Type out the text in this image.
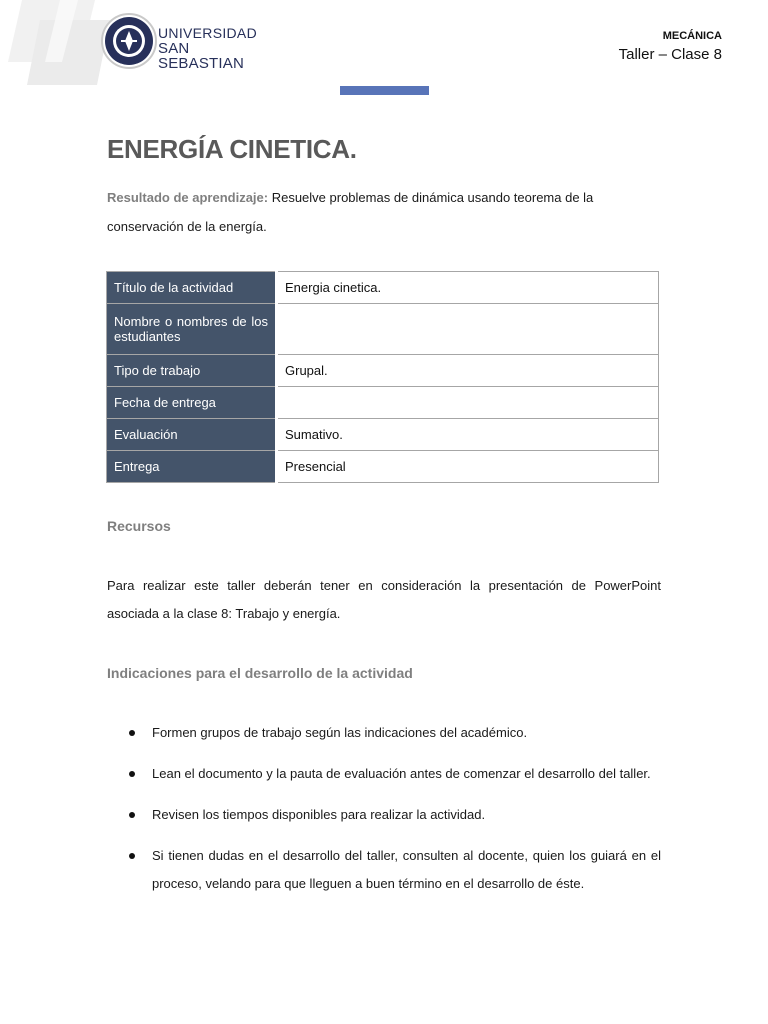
UNIVERSIDAD
SAN SEBASTIAN
MECÁNICA
Taller – Clase 8
ENERGÍA CINETICA.
Resultado de aprendizaje: Resuelve problemas de dinámica usando teorema de la conservación de la energía.
Título de la actividad	Energia cinetica.
Nombre o nombres de los estudiantes	
Tipo de trabajo	Grupal.
Fecha de entrega	
Evaluación	Sumativo.
Entrega	Presencial
Recursos
Para realizar este taller deberán tener en consideración la presentación de PowerPoint asociada a la clase 8: Trabajo y energía.
Indicaciones para el desarrollo de la actividad
Formen grupos de trabajo según las indicaciones del académico.
Lean el documento y la pauta de evaluación antes de comenzar el desarrollo del taller.
Revisen los tiempos disponibles para realizar la actividad.
Si tienen dudas en el desarrollo del taller, consulten al docente, quien los guiará en el proceso, velando para que lleguen a buen término en el desarrollo de éste.
